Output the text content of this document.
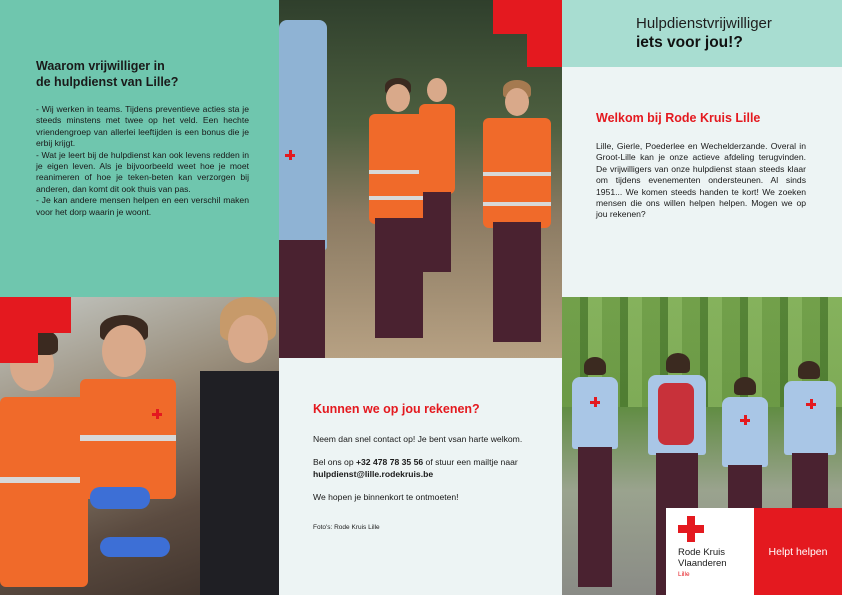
Waarom vrijwilliger in
de hulpdienst van Lille?

- Wij werken in teams. Tijdens preventieve acties sta je steeds minstens met twee op het veld. Een hechte vriendengroep van allerlei leeftijden is een bonus die je erbij krijgt.

- Wat je leert bij de hulpdienst kan ook levens redden in je eigen leven. Als je bijvoorbeeld weet hoe je moet reanimeren of hoe je teken-beten kan verzorgen bij anderen, dan komt dit ook thuis van pas.

- Je kan andere mensen helpen en een verschil maken voor het dorp waarin je woont.

Hulpdienstvrijwilliger
iets voor jou!?
Welkom bij Rode Kruis Lille

Lille, Gierle, Poederlee en Wechelderzande. Overal in Groot-Lille kan je onze actieve afdeling terugvinden. De vrijwilligers van onze hulpdienst staan steeds klaar om tijdens evenementen ondersteunen. Al sinds 1951... We komen steeds handen te kort! We zoeken mensen die ons willen helpen helpen. Mogen we op jou rekenen?

Kunnen we op jou rekenen?

Neem dan snel contact op! Je bent vsan harte welkom.

Bel ons op +32 478 78 35 56 of stuur een mailtje naar hulpdienst@lille.rodekruis.be

We hopen je binnenkort te ontmoeten!

Foto's: Rode Kruis Lille
Rode Kruis
Vlaanderen
Lille
Helpt helpen
